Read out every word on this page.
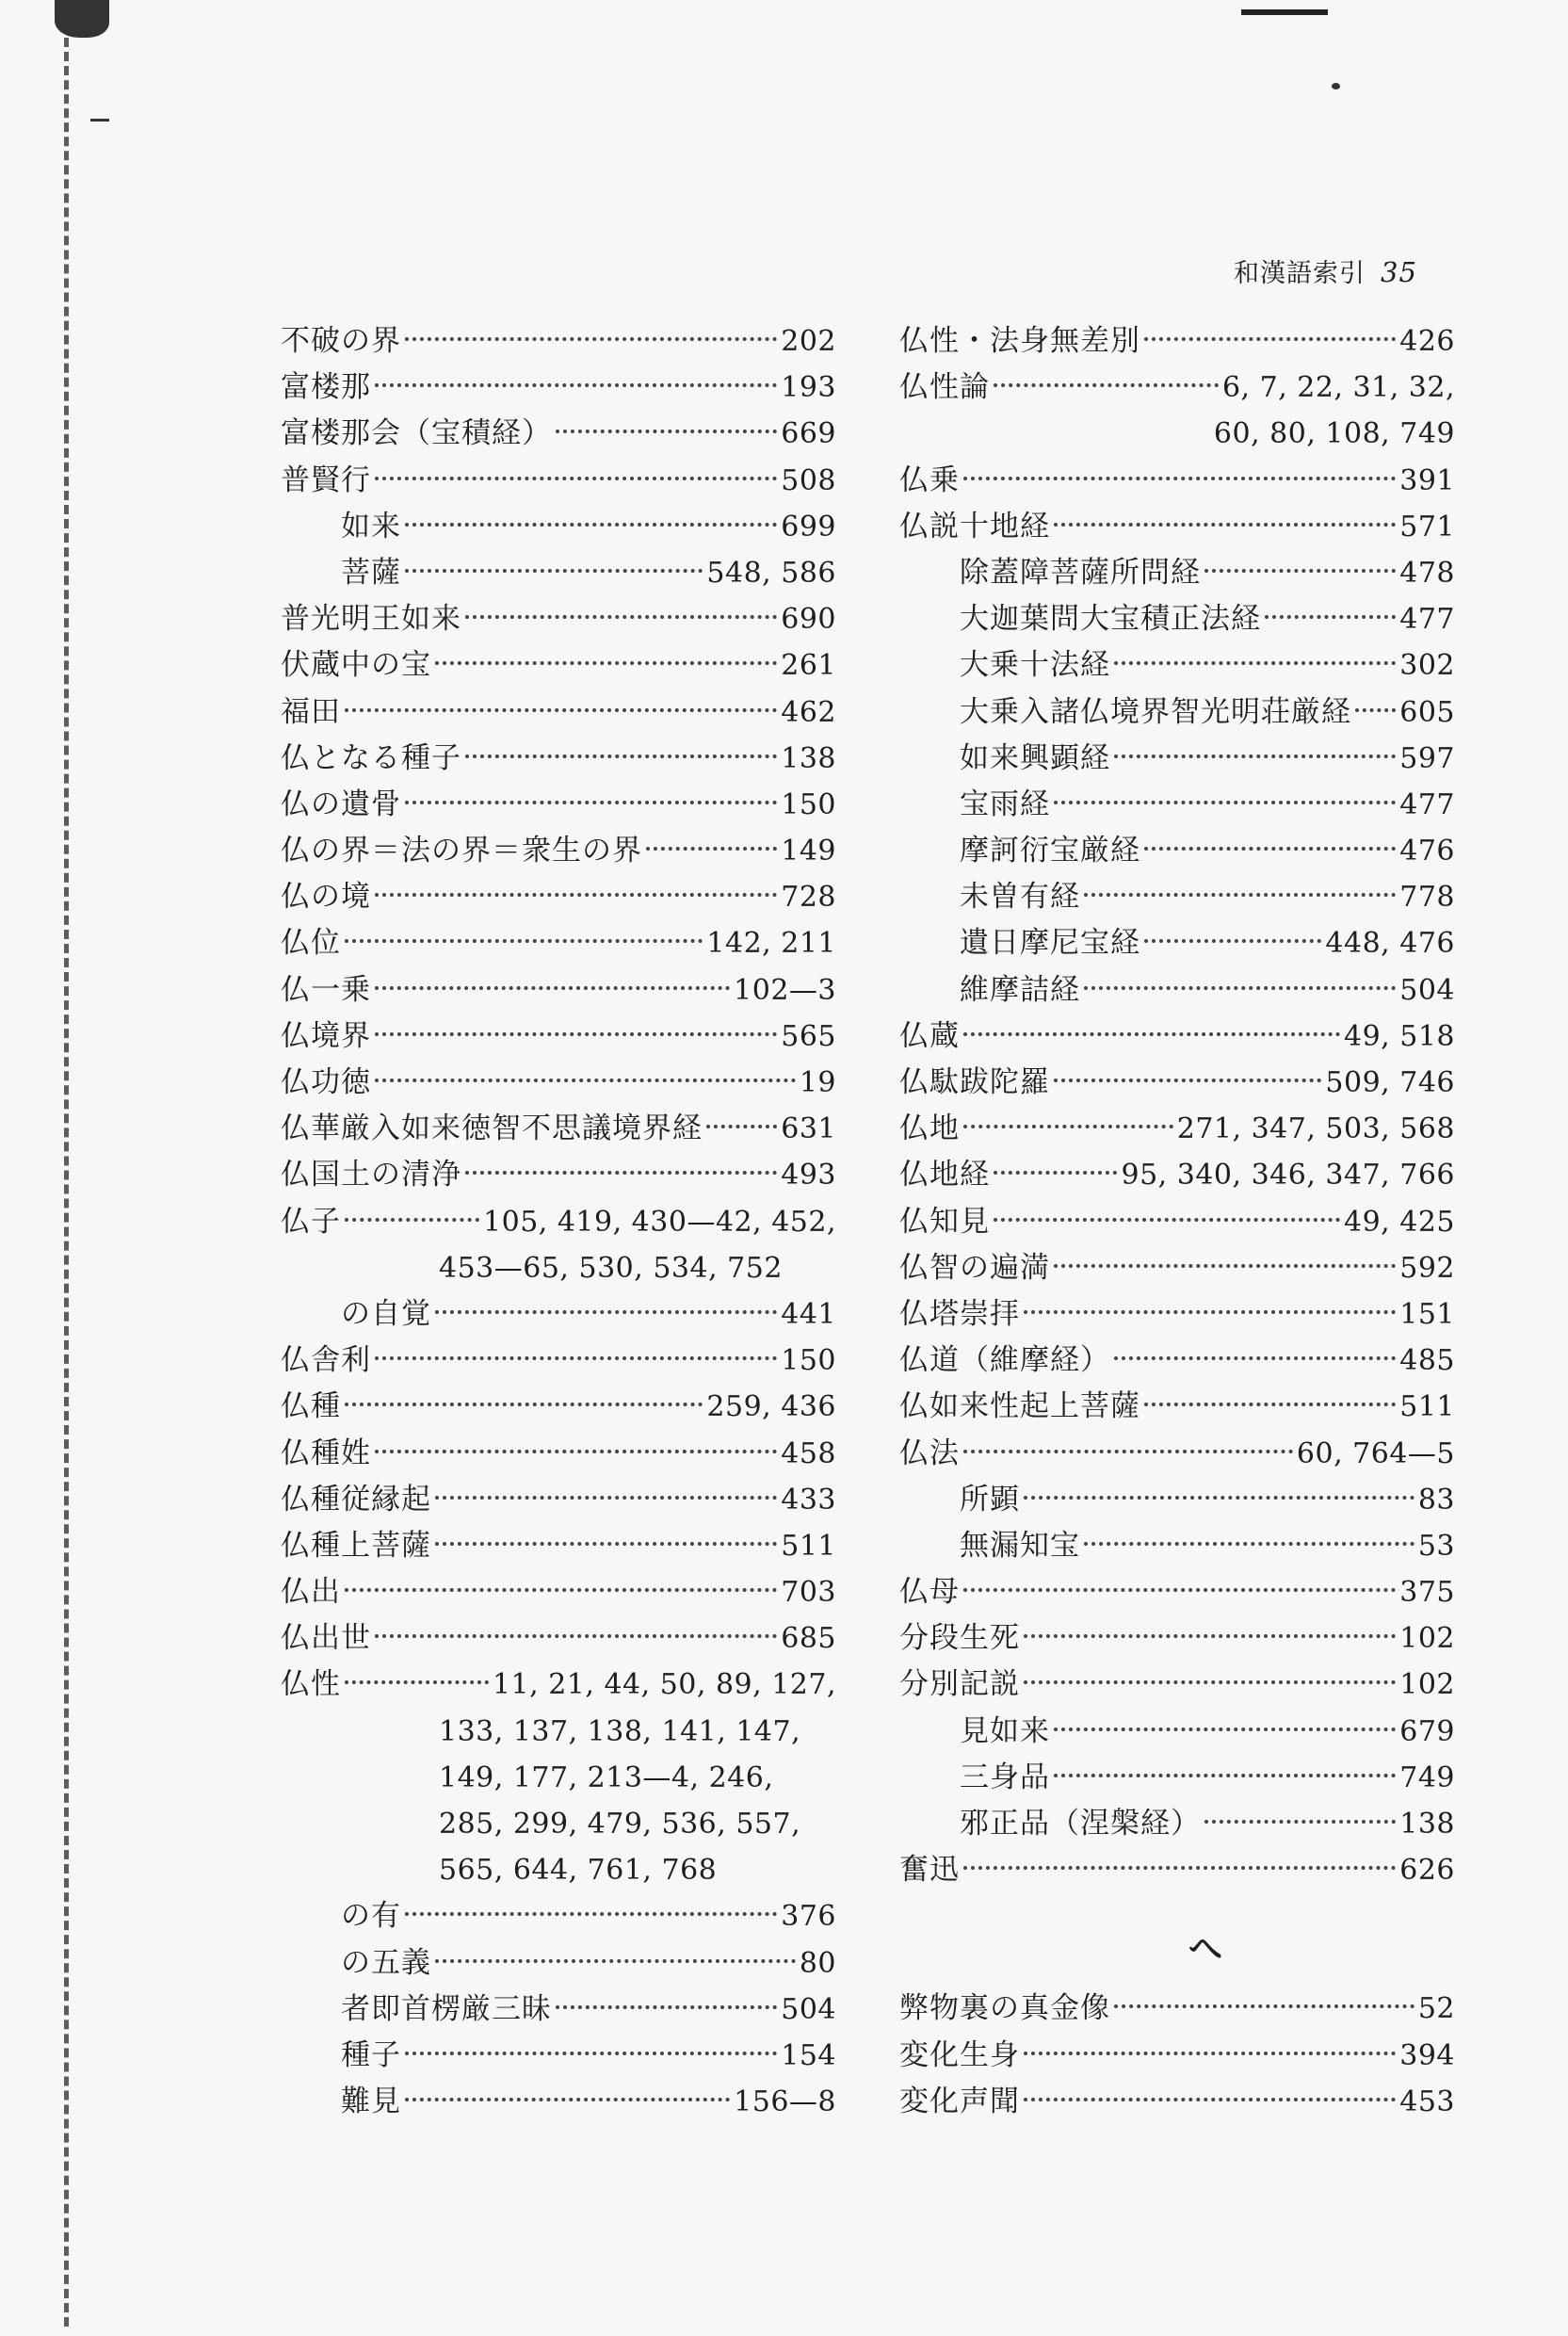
和漢語索引 35
不破の界	202
富楼那	193
富楼那会（宝積経）	669
普賢行	508
如来	699
菩薩	548, 586
普光明王如来	690
伏蔵中の宝	261
福田	462
仏となる種子	138
仏の遺骨	150
仏の界＝法の界＝衆生の界	149
仏の境	728
仏位	142, 211
仏一乗	102—3
仏境界	565
仏功徳	19
仏華厳入如来徳智不思議境界経	631
仏国土の清浄	493
仏子	105, 419, 430—42, 452,
453—65, 530, 534, 752
の自覚	441
仏舎利	150
仏種	259, 436
仏種姓	458
仏種従縁起	433
仏種上菩薩	511
仏出	703
仏出世	685
仏性	11, 21, 44, 50, 89, 127,
133, 137, 138, 141, 147,
149, 177, 213—4, 246,
285, 299, 479, 536, 557,
565, 644, 761, 768
の有	376
の五義	80
者即首楞厳三昧	504
種子	154
難見	156—8
仏性・法身無差別	426
仏性論	6, 7, 22, 31, 32,
60, 80, 108, 749
仏乗	391
仏説十地経	571
除蓋障菩薩所問経	478
大迦葉問大宝積正法経	477
大乗十法経	302
大乗入諸仏境界智光明荘厳経 605
如来興顕経	597
宝雨経	477
摩訶衍宝厳経	476
未曽有経	778
遺日摩尼宝経	448, 476
維摩詰経	504
仏蔵	49, 518
仏駄跋陀羅	509, 746
仏地	271, 347, 503, 568
仏地経	95, 340, 346, 347, 766
仏知見	49, 425
仏智の遍満	592
仏塔崇拝	151
仏道（維摩経）	485
仏如来性起上菩薩	511
仏法	60, 764—5
所顕	83
無漏知宝	53
仏母	375
分段生死	102
分別記説	102
見如来	679
三身品	749
邪正品（涅槃経）	138
奮迅	626
へ
弊物裏の真金像	52
変化生身	394
変化声聞	453
